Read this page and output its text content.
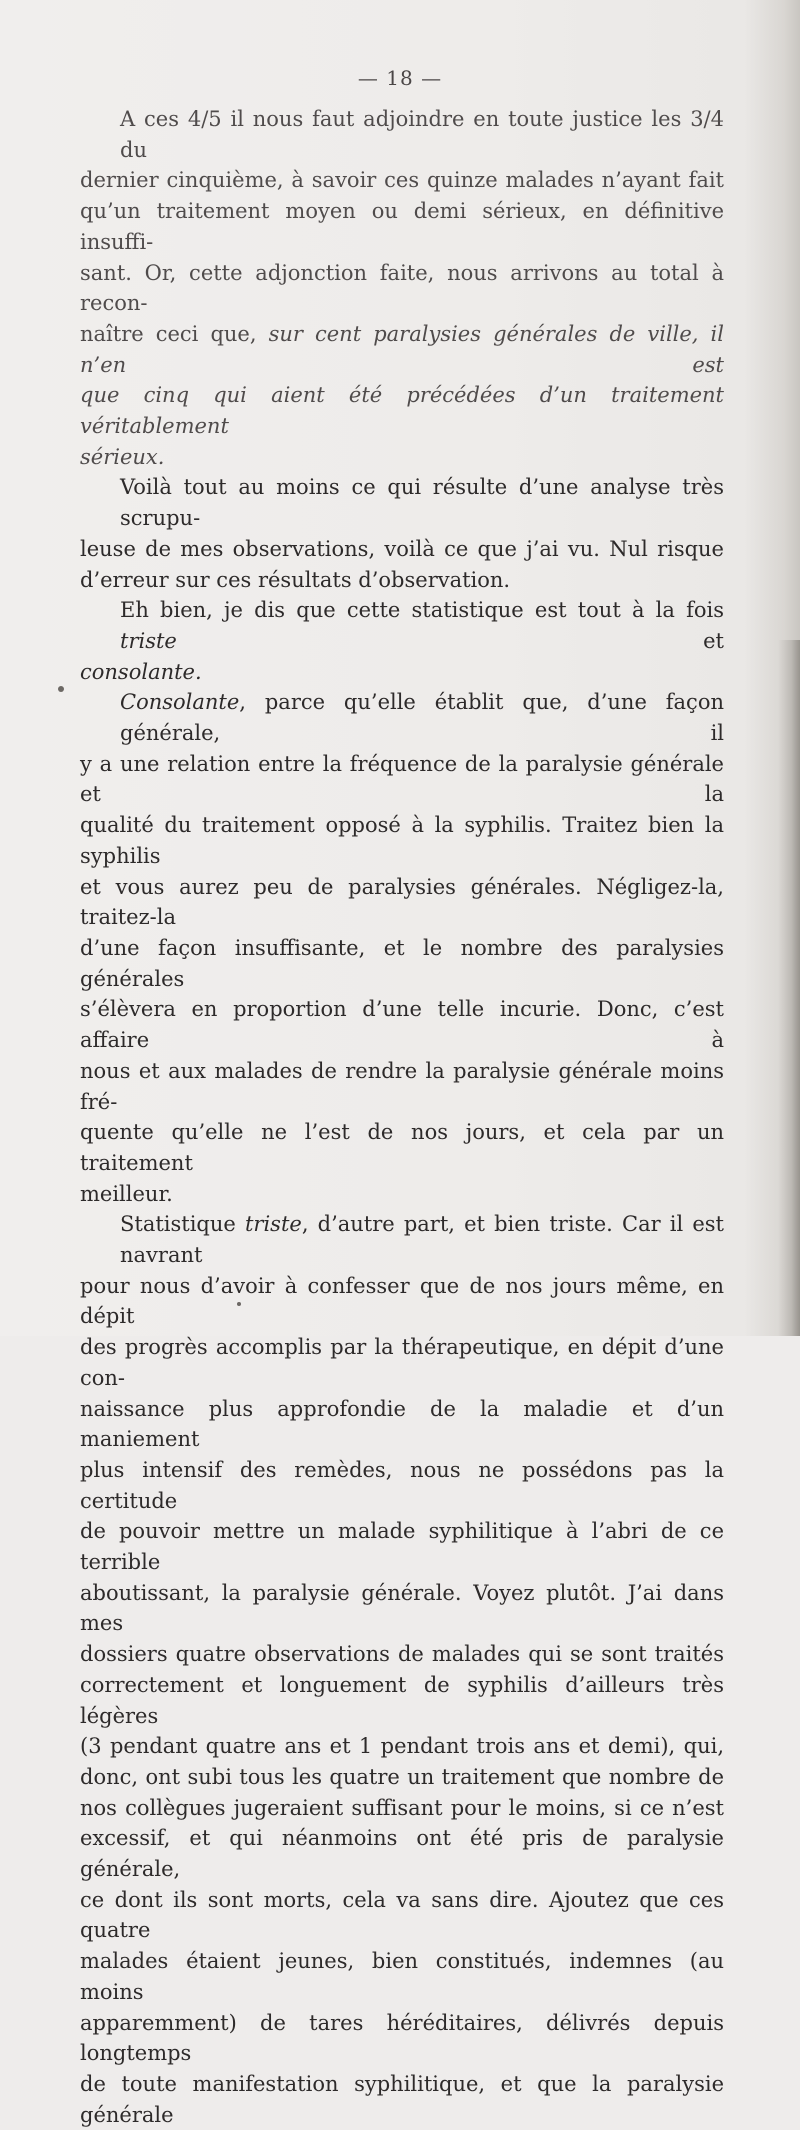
— 18 —

A ces 4/5 il nous faut adjoindre en toute justice les 3/4 du
dernier cinquième, à savoir ces quinze malades n’ayant fait
qu’un traitement moyen ou demi sérieux, en définitive insuffi-
sant. Or, cette adjonction faite, nous arrivons au total à recon-
naître ceci que, sur cent paralysies générales de ville, il n’en est
que cinq qui aient été précédées d’un traitement véritablement
sérieux.

Voilà tout au moins ce qui résulte d’une analyse très scrupu-
leuse de mes observations, voilà ce que j’ai vu. Nul risque
d’erreur sur ces résultats d’observation.

Eh bien, je dis que cette statistique est tout à la fois triste et
consolante.

Consolante, parce qu’elle établit que, d’une façon générale, il
y a une relation entre la fréquence de la paralysie générale et la
qualité du traitement opposé à la syphilis. Traitez bien la syphilis
et vous aurez peu de paralysies générales. Négligez-la, traitez-la
d’une façon insuffisante, et le nombre des paralysies générales
s’élèvera en proportion d’une telle incurie. Donc, c’est affaire à
nous et aux malades de rendre la paralysie générale moins fré-
quente qu’elle ne l’est de nos jours, et cela par un traitement
meilleur.

Statistique triste, d’autre part, et bien triste. Car il est navrant
pour nous d’avoir à confesser que de nos jours même, en dépit
des progrès accomplis par la thérapeutique, en dépit d’une con-
naissance plus approfondie de la maladie et d’un maniement
plus intensif des remèdes, nous ne possédons pas la certitude
de pouvoir mettre un malade syphilitique à l’abri de ce terrible
aboutissant, la paralysie générale. Voyez plutôt. J’ai dans mes
dossiers quatre observations de malades qui se sont traités
correctement et longuement de syphilis d’ailleurs très légères
(3 pendant quatre ans et 1 pendant trois ans et demi), qui,
donc, ont subi tous les quatre un traitement que nombre de
nos collègues jugeraient suffisant pour le moins, si ce n’est
excessif, et qui néanmoins ont été pris de paralysie générale,
ce dont ils sont morts, cela va sans dire. Ajoutez que ces quatre
malades étaient jeunes, bien constitués, indemnes (au moins
apparemment) de tares héréditaires, délivrés depuis longtemps
de toute manifestation syphilitique, et que la paralysie générale
